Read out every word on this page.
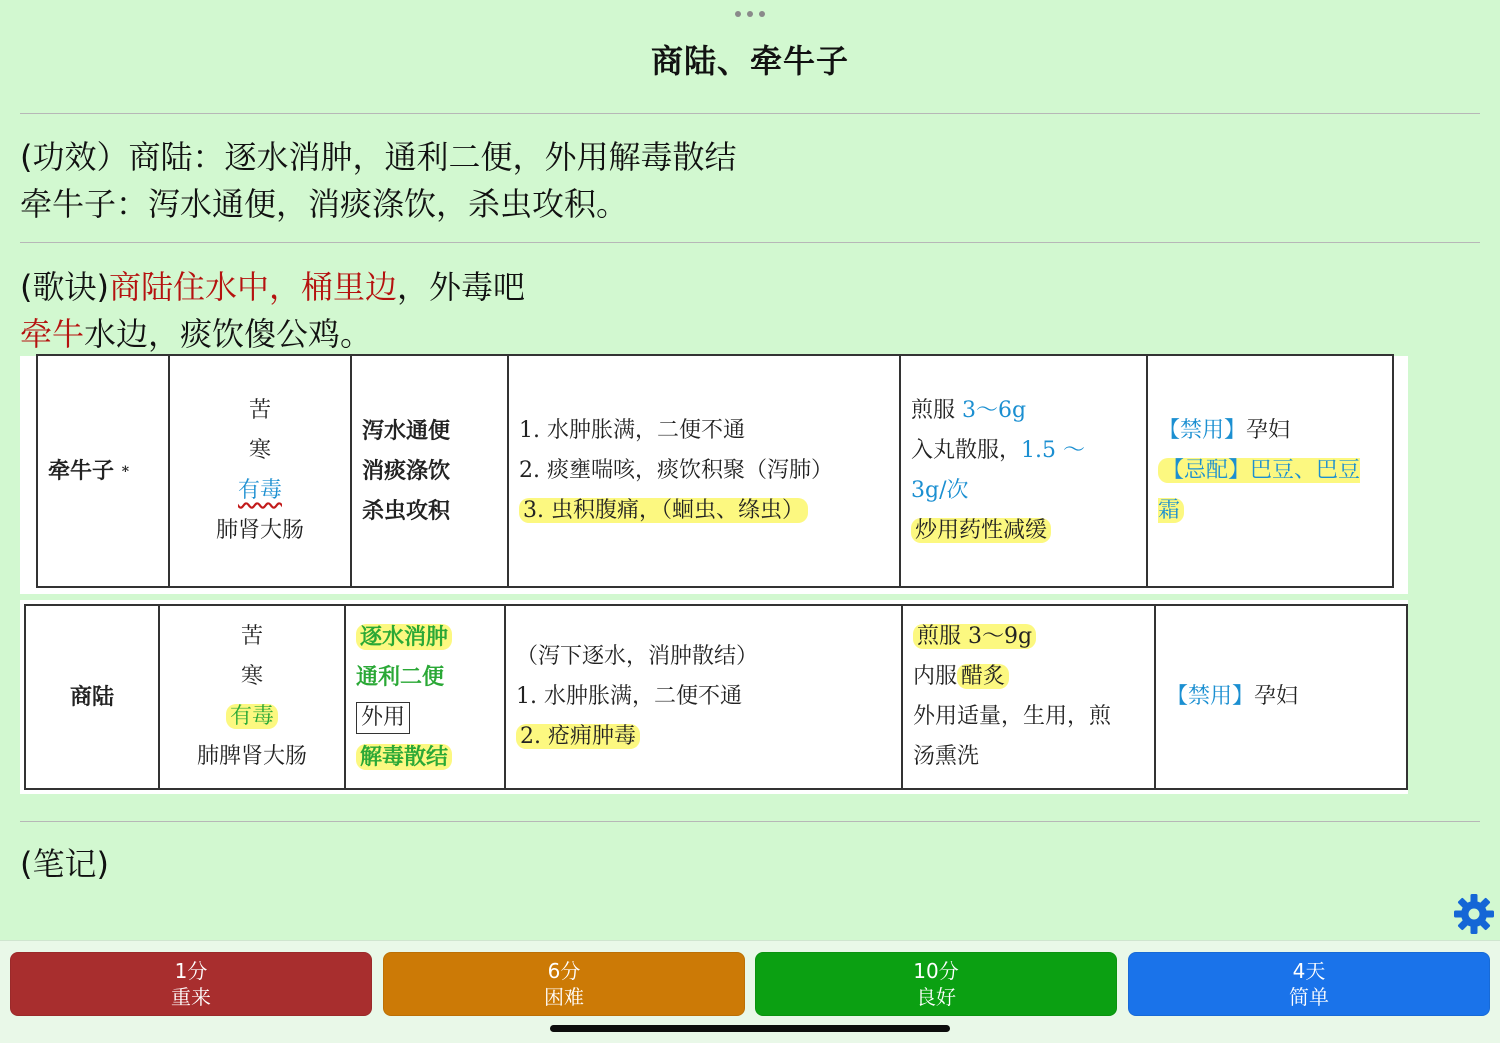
商陆、牵牛子
(功效）商陆：逐水消肿，通利二便，外用解毒散结
牵牛子：泻水通便，消痰涤饮，杀虫攻积。
(歌诀)商陆住水中，桶里边，外毒吧
牵牛水边，痰饮傻公鸡。
牵牛子 *	
苦
寒
有毒
肺肾大肠

泻水通便
消痰涤饮
杀虫攻积

1. 水肿胀满，二便不通
2. 痰壅喘咳，痰饮积聚（泻肺）
3. 虫积腹痛，（蛔虫、绦虫）

煎服 3～6g
入丸散服，1.5 ～
3g/次
炒用药性减缓

【禁用】孕妇
【忌配】巴豆、巴豆霜
商陆	
苦
寒
有毒
肺脾肾大肠

逐水消肿
通利二便
外用
解毒散结

（泻下逐水，消肿散结）
1. 水肿胀满，二便不通
2. 疮痈肿毒

煎服 3～9g
内服 醋炙
外用适量，生用，煎
汤熏洗

【禁用】孕妇
(笔记)
1分
重来
6分
困难
10分
良好
4天
简单
